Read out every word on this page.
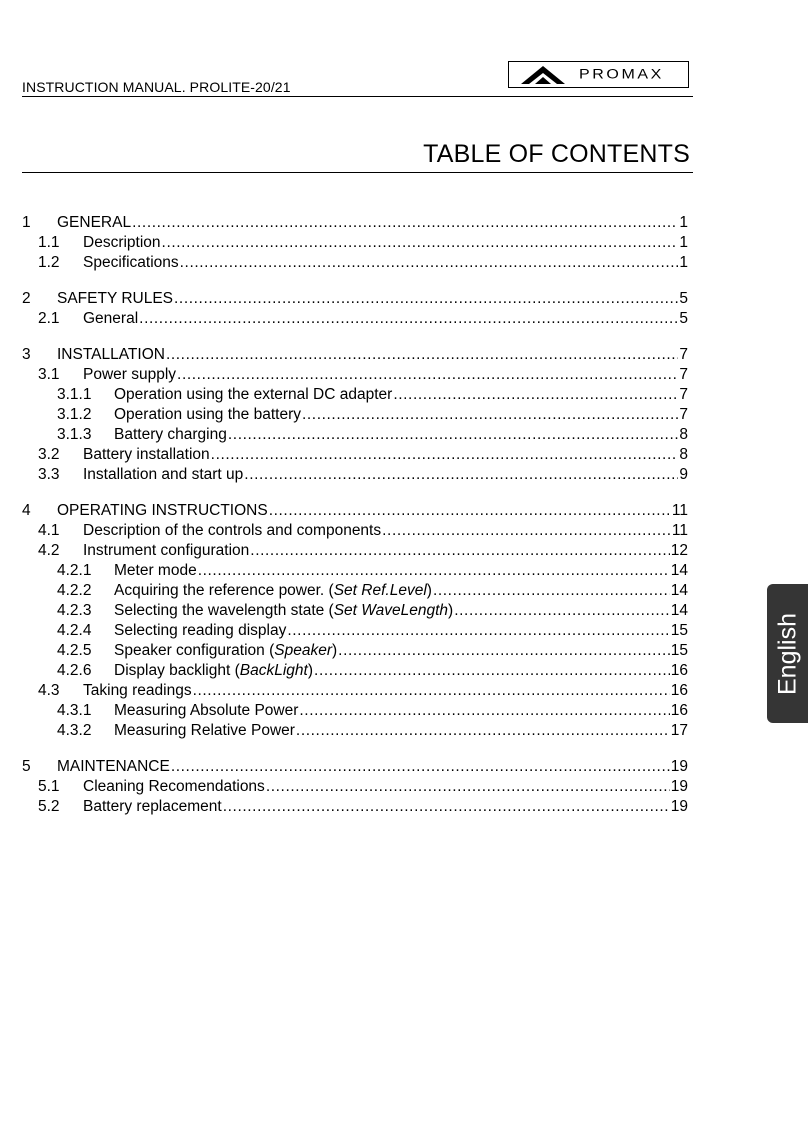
INSTRUCTION MANUAL. PROLITE-20/21
PROMAX
TABLE OF CONTENTS
1	GENERAL .....	1
1.1	Description .....	1
1.2	Specifications .....	1
2	SAFETY RULES .....	5
2.1	General .....	5
3	INSTALLATION .....	7
3.1	Power supply .....	7
3.1.1	Operation using the external DC adapter .....	7
3.1.2	Operation using the battery .....	7
3.1.3	Battery charging .....	8
3.2	Battery installation .....	8
3.3	Installation and start up .....	9
4	OPERATING INSTRUCTIONS .....	11
4.1	Description of the controls and components .....	11
4.2	Instrument configuration .....	12
4.2.1	Meter mode .....	14
4.2.2	Acquiring the reference power. (Set Ref.Level) .....	14
4.2.3	Selecting the wavelength state (Set WaveLength) .....	14
4.2.4	Selecting reading display .....	15
4.2.5	Speaker configuration (Speaker) .....	15
4.2.6	Display backlight (BackLight) .....	16
4.3	Taking readings .....	16
4.3.1	Measuring Absolute Power .....	16
4.3.2	Measuring Relative Power .....	17
5	MAINTENANCE .....	19
5.1	Cleaning Recomendations .....	19
5.2	Battery replacement .....	19
English
